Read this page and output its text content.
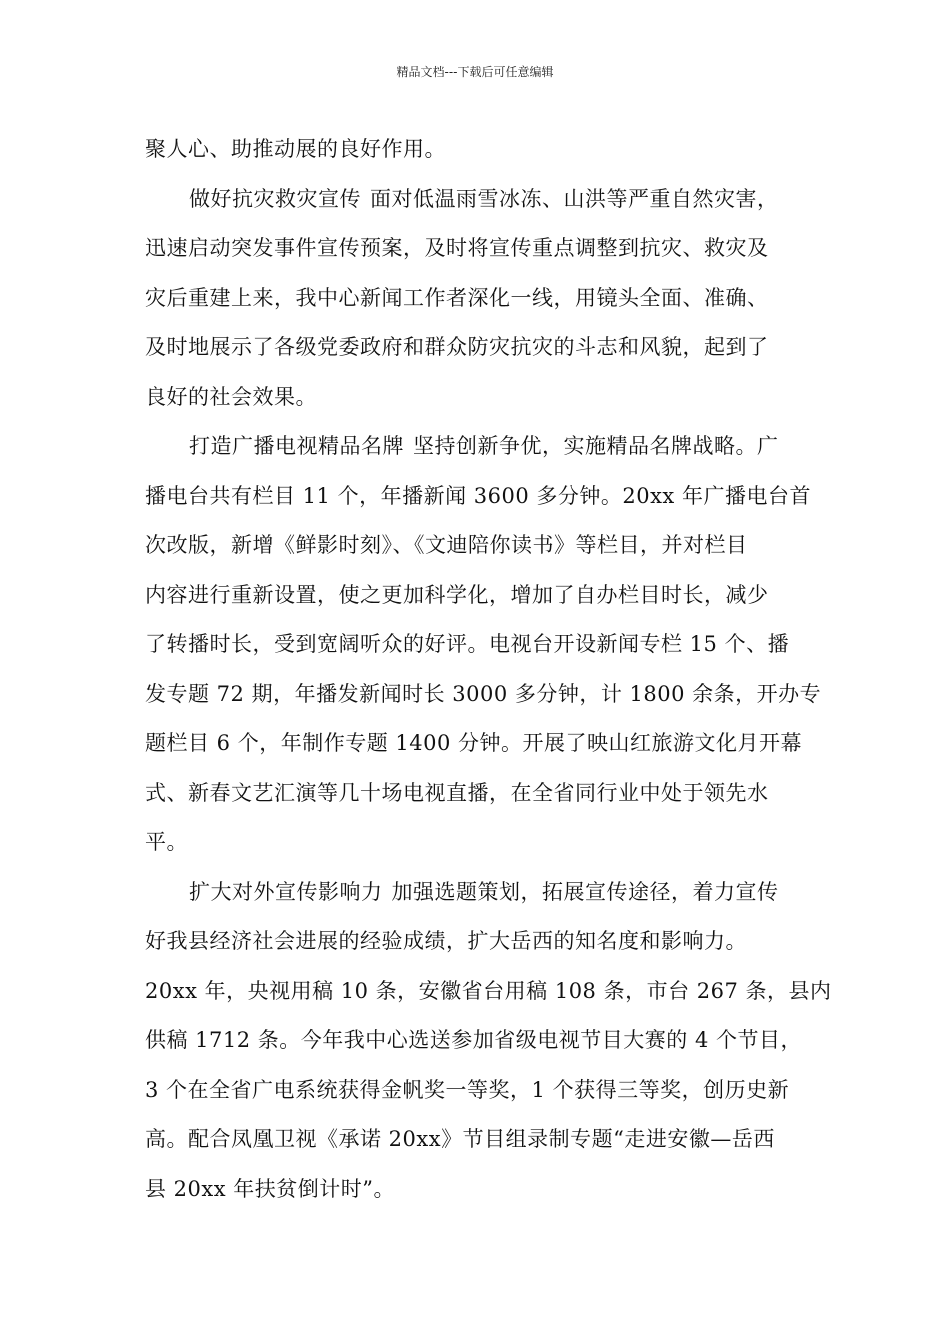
精品文档---下载后可任意编辑
聚人心、助推动展的良好作用。
做好抗灾救灾宣传 面对低温雨雪冰冻、山洪等严重自然灾害，
迅速启动突发事件宣传预案，及时将宣传重点调整到抗灾、救灾及
灾后重建上来，我中心新闻工作者深化一线，用镜头全面、准确、
及时地展示了各级党委政府和群众防灾抗灾的斗志和风貌，起到了
良好的社会效果。
打造广播电视精品名牌 坚持创新争优，实施精品名牌战略。广
播电台共有栏目 11 个，年播新闻 3600 多分钟。20xx 年广播电台首
次改版，新增《鲜影时刻》、《文迪陪你读书》等栏目，并对栏目
内容进行重新设置，使之更加科学化，增加了自办栏目时长，减少
了转播时长，受到宽阔听众的好评。电视台开设新闻专栏 15 个、播
发专题 72 期，年播发新闻时长 3000 多分钟，计 1800 余条，开办专
题栏目 6 个，年制作专题 1400 分钟。开展了映山红旅游文化月开幕
式、新春文艺汇演等几十场电视直播，在全省同行业中处于领先水
平。
扩大对外宣传影响力 加强选题策划，拓展宣传途径，着力宣传
好我县经济社会进展的经验成绩，扩大岳西的知名度和影响力。
20xx 年，央视用稿 10 条，安徽省台用稿 108 条，市台 267 条，县内
供稿 1712 条。今年我中心选送参加省级电视节目大赛的 4 个节目，
3 个在全省广电系统获得金帆奖一等奖，1 个获得三等奖，创历史新
高。配合凤凰卫视《承诺 20xx》节目组录制专题“走进安徽—岳西
县 20xx 年扶贫倒计时”。
